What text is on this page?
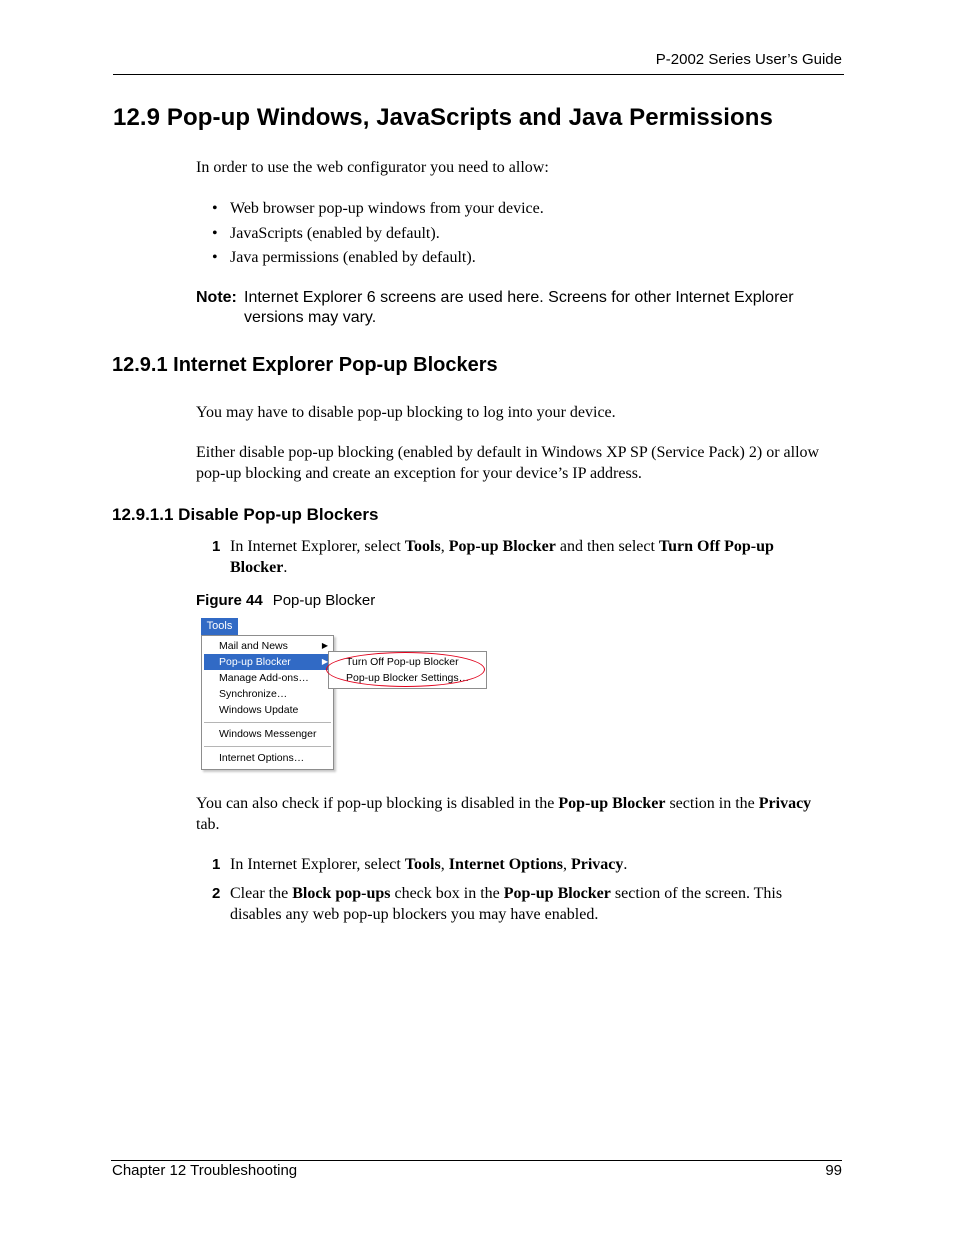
P-2002 Series User’s Guide
12.9 Pop-up Windows, JavaScripts and Java Permissions
In order to use the web configurator you need to allow:
• Web browser pop-up windows from your device.
• JavaScripts (enabled by default).
• Java permissions (enabled by default).
Note: Internet Explorer 6 screens are used here. Screens for other Internet Explorer versions may vary.
12.9.1 Internet Explorer Pop-up Blockers
You may have to disable pop-up blocking to log into your device.
Either disable pop-up blocking (enabled by default in Windows XP SP (Service Pack) 2) or allow pop-up blocking and create an exception for your device’s IP address.
12.9.1.1 Disable Pop-up Blockers
1 In Internet Explorer, select Tools, Pop-up Blocker and then select Turn Off Pop-up Blocker.
Figure 44 Pop-up Blocker
Tools
Mail and News	▶
Pop-up Blocker	▶
Manage Add-ons…
Synchronize…
Windows Update
Windows Messenger
Internet Options…
Turn Off Pop-up Blocker
Pop-up Blocker Settings…
You can also check if pop-up blocking is disabled in the Pop-up Blocker section in the Privacy tab.
1 In Internet Explorer, select Tools, Internet Options, Privacy.
2 Clear the Block pop-ups check box in the Pop-up Blocker section of the screen. This disables any web pop-up blockers you may have enabled.
Chapter 12 Troubleshooting	99
